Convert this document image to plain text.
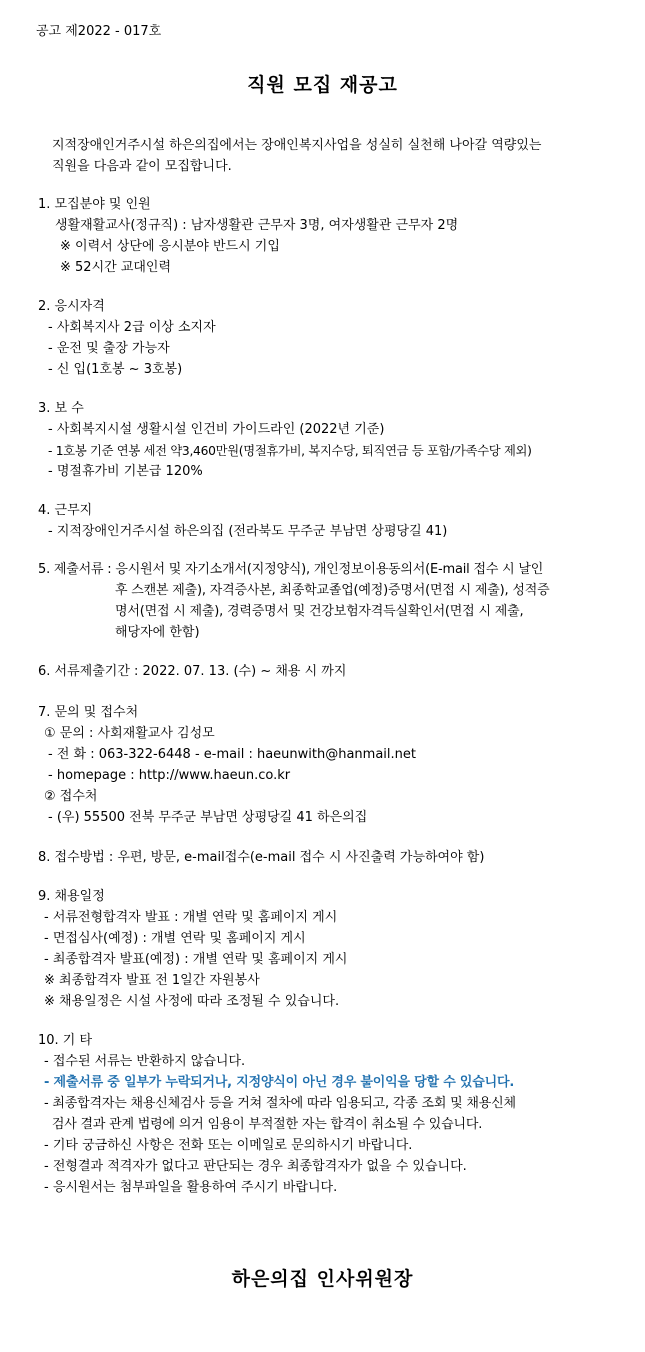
공고 제2022 - 017호
직원 모집 재공고
지적장애인거주시설 하은의집에서는 장애인복지사업을 성실히 실천해 나아갈 역량있는
직원을 다음과 같이 모집합니다.
1. 모집분야 및 인원
생활재활교사(정규직) : 남자생활관 근무자 3명, 여자생활관 근무자 2명
※ 이력서 상단에 응시분야 반드시 기입
※ 52시간 교대인력
2. 응시자격
- 사회복지사 2급 이상 소지자
- 운전 및 출장 가능자
- 신 입(1호봉 ~ 3호봉)
3. 보 수
- 사회복지시설 생활시설 인건비 가이드라인 (2022년 기준)
- 1호봉 기준 연봉 세전 약3,460만원(명절휴가비, 복지수당, 퇴직연금 등 포함/가족수당 제외)
- 명절휴가비 기본급 120%
4. 근무지
- 지적장애인거주시설 하은의집 (전라북도 무주군 부남면 상평당길 41)
5. 제출서류 : 응시원서 및 자기소개서(지정양식), 개인정보이용동의서(E-mail 접수 시 날인
후 스캔본 제출), 자격증사본, 최종학교졸업(예정)증명서(면접 시 제출), 성적증
명서(면접 시 제출), 경력증명서 및 건강보험자격득실확인서(면접 시 제출,
해당자에 한함)
6. 서류제출기간 : 2022. 07. 13. (수) ~ 채용 시 까지
7. 문의 및 접수처
① 문의 : 사회재활교사 김성모
- 전 화 : 063-322-6448 - e-mail : haeunwith@hanmail.net
- homepage : http://www.haeun.co.kr
② 접수처
- (우) 55500 전북 무주군 부남면 상평당길 41 하은의집
8. 접수방법 : 우편, 방문, e-mail접수(e-mail 접수 시 사진출력 가능하여야 함)
9. 채용일정
- 서류전형합격자 발표 : 개별 연락 및 홈페이지 게시
- 면접심사(예정) : 개별 연락 및 홈페이지 게시
- 최종합격자 발표(예정) : 개별 연락 및 홈페이지 게시
※ 최종합격자 발표 전 1일간 자원봉사
※ 채용일정은 시설 사정에 따라 조정될 수 있습니다.
10. 기 타
- 접수된 서류는 반환하지 않습니다.
- 제출서류 중 일부가 누락되거나, 지정양식이 아닌 경우 불이익을 당할 수 있습니다.
- 최종합격자는 채용신체검사 등을 거쳐 절차에 따라 임용되고, 각종 조회 및 채용신체
검사 결과 관계 법령에 의거 임용이 부적절한 자는 합격이 취소될 수 있습니다.
- 기타 궁금하신 사항은 전화 또는 이메일로 문의하시기 바랍니다.
- 전형결과 적격자가 없다고 판단되는 경우 최종합격자가 없을 수 있습니다.
- 응시원서는 첨부파일을 활용하여 주시기 바랍니다.
하은의집 인사위원장
